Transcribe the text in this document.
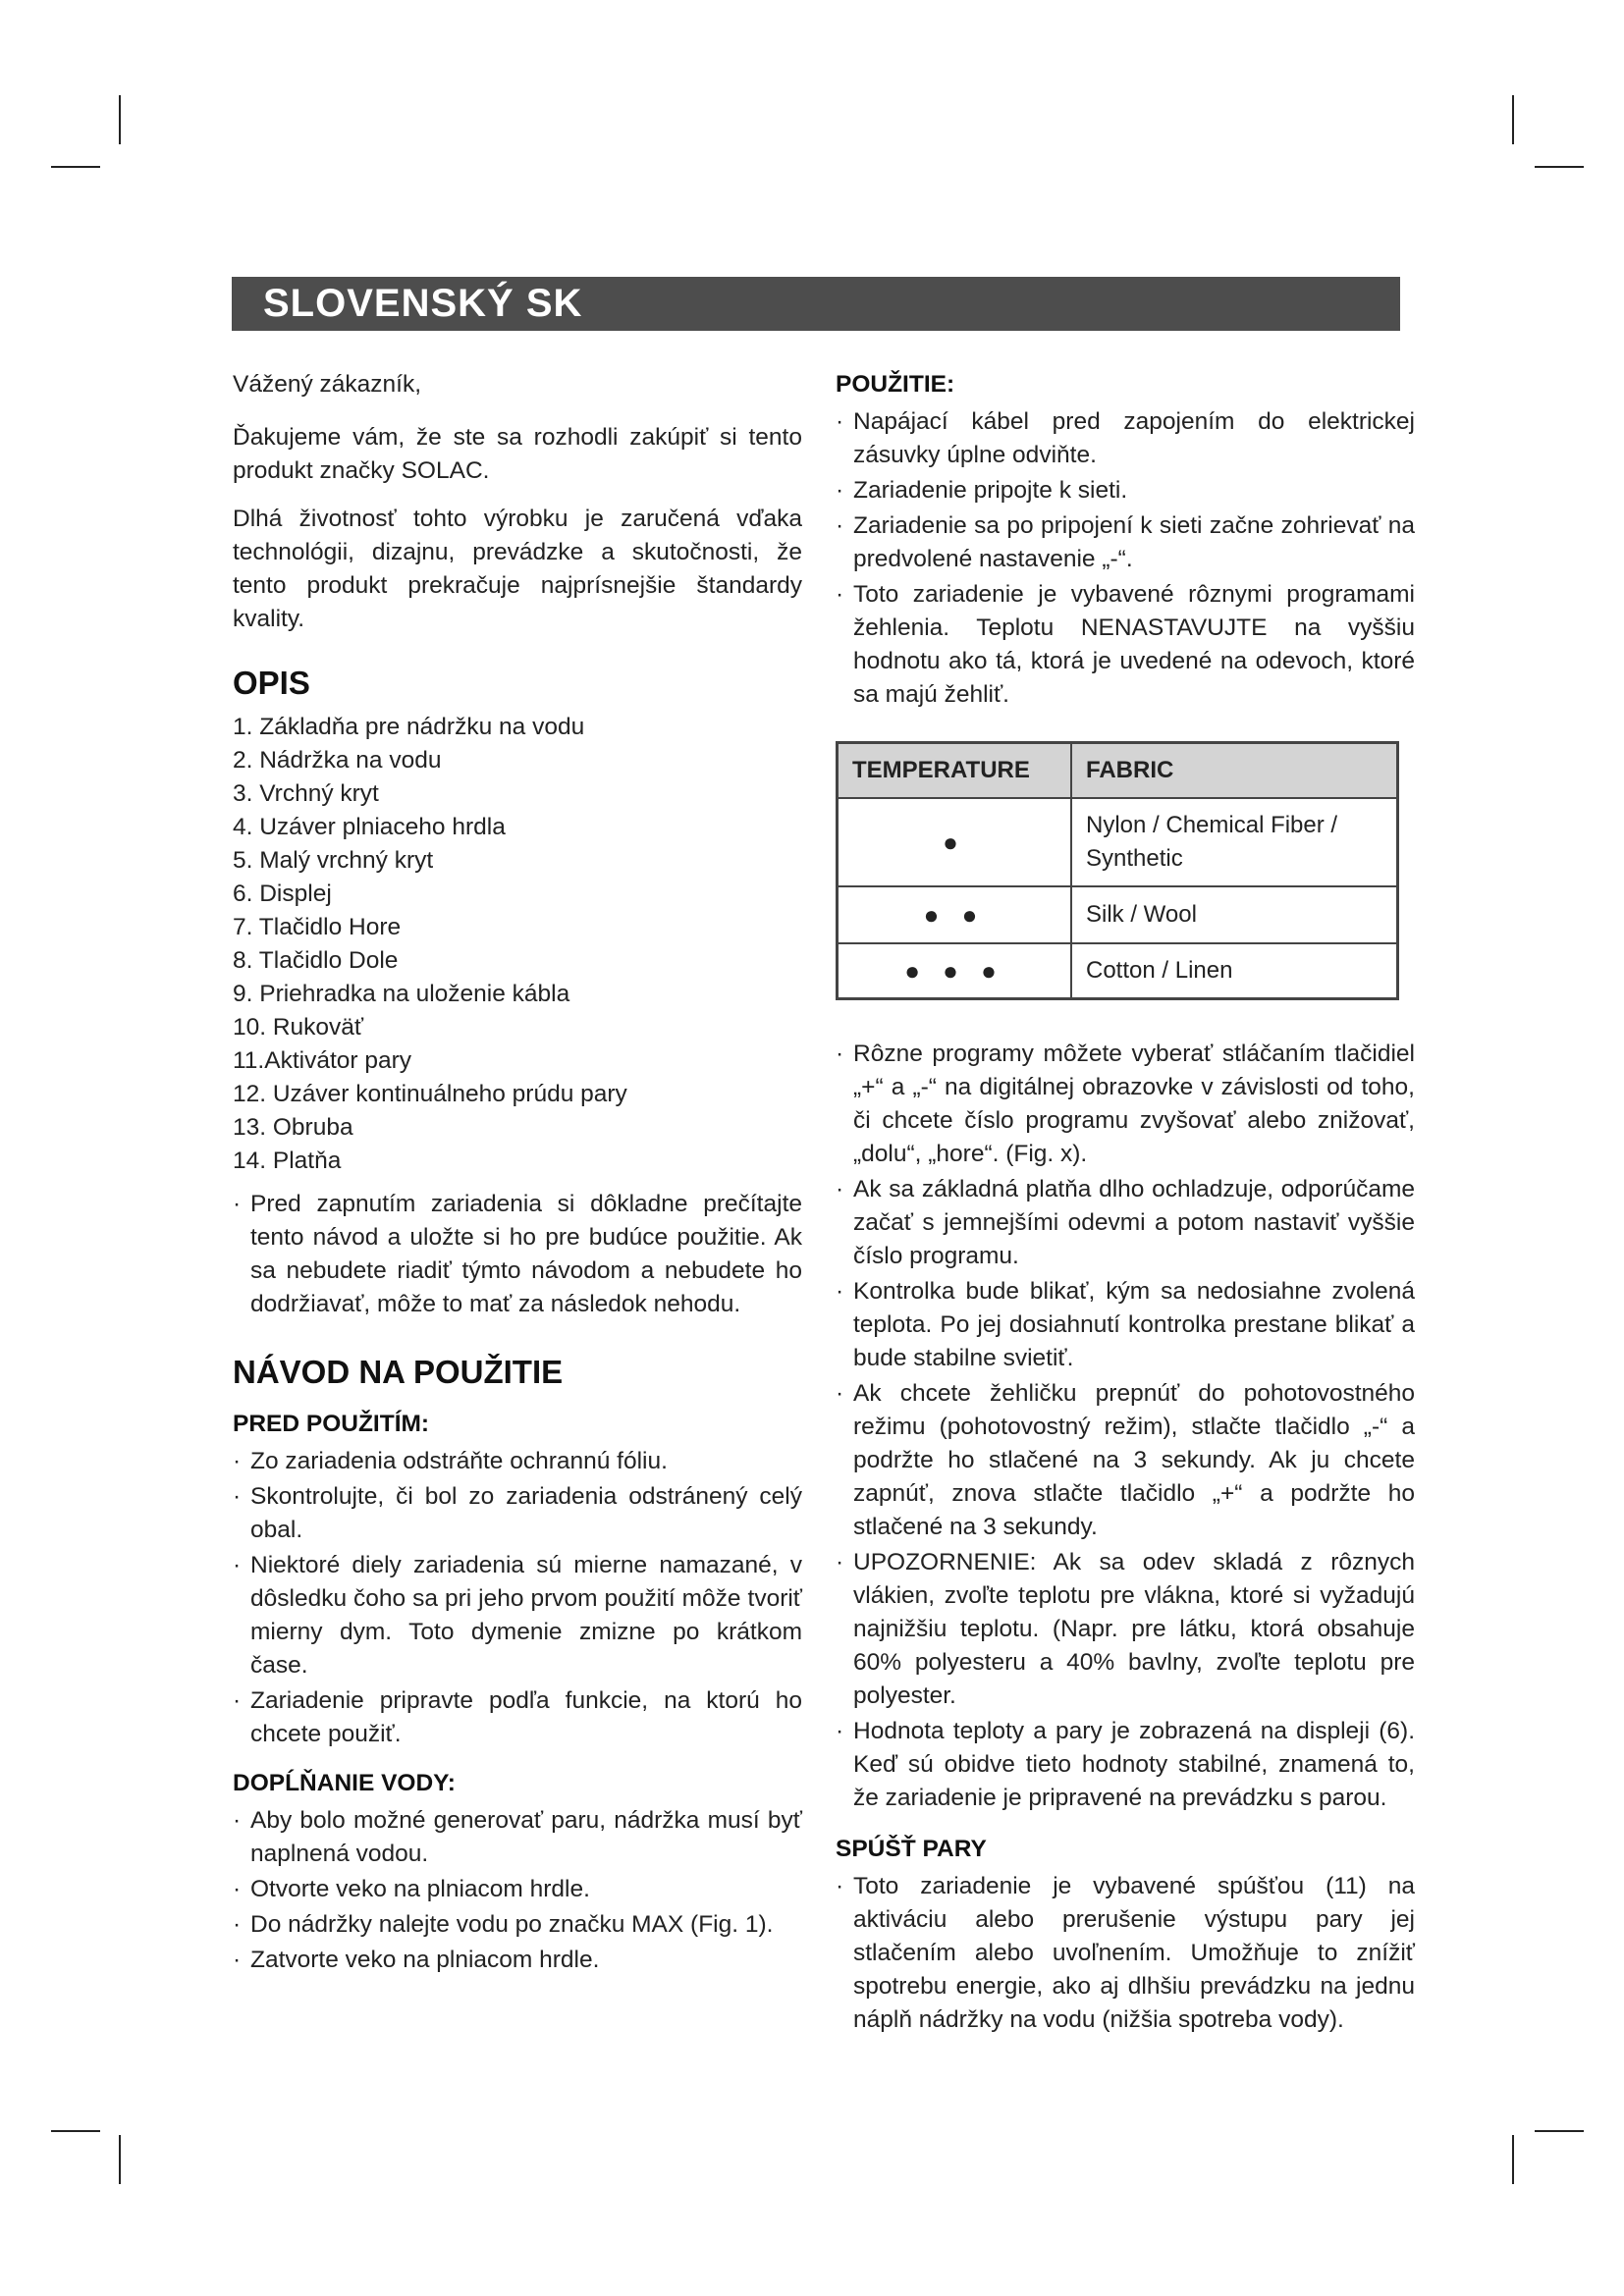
SLOVENSKÝ SK

Vážený zákazník,

Ďakujeme vám, že ste sa rozhodli zakúpiť si tento produkt značky SOLAC.

Dlhá životnosť tohto výrobku je zaručená vďaka technológii, dizajnu, prevádzke a skutočnosti, že tento produkt prekračuje najprísnejšie štandardy kvality.

OPIS
1. Základňa pre nádržku na vodu
2. Nádržka na vodu
3. Vrchný kryt
4. Uzáver plniaceho hrdla
5. Malý vrchný kryt
6. Displej
7. Tlačidlo Hore
8. Tlačidlo Dole
9. Priehradka na uloženie kábla
10. Rukoväť
11.Aktivátor pary
12. Uzáver kontinuálneho prúdu pary
13. Obruba
14. Platňa
· Pred zapnutím zariadenia si dôkladne prečítajte tento návod a uložte si ho pre budúce použitie. Ak sa nebudete riadiť týmto návodom a nebudete ho dodržiavať, môže to mať za následok nehodu.
NÁVOD NA POUŽITIE
PRED POUŽITÍM:
· Zo zariadenia odstráňte ochrannú fóliu.
· Skontrolujte, či bol zo zariadenia odstránený celý obal.
· Niektoré diely zariadenia sú mierne namazané, v dôsledku čoho sa pri jeho prvom použití môže tvoriť mierny dym. Toto dymenie zmizne po krátkom čase.
· Zariadenie pripravte podľa funkcie, na ktorú ho chcete použiť.
DOPĹŇANIE VODY:
· Aby bolo možné generovať paru, nádržka musí byť naplnená vodou.
· Otvorte veko na plniacom hrdle.
· Do nádržky nalejte vodu po značku MAX (Fig. 1).
· Zatvorte veko na plniacom hrdle.
POUŽITIE:
· Napájací kábel pred zapojením do elektrickej zásuvky úplne odviňte.
· Zariadenie pripojte k sieti.
· Zariadenie sa po pripojení k sieti začne zohrievať na predvolené nastavenie „-“.
· Toto zariadenie je vybavené rôznymi programami žehlenia. Teplotu NENASTAVUJTE na vyššiu hodnotu ako tá, ktorá je uvedené na odevoch, ktoré sa majú žehliť.
TEMPERATURE	FABRIC
●	Nylon / Chemical Fiber / Synthetic
● ●	Silk / Wool
● ● ●	Cotton / Linen
· Rôzne programy môžete vyberať stláčaním tlačidiel „+“ a „-“ na digitálnej obrazovke v závislosti od toho, či chcete číslo programu zvyšovať alebo znižovať, „dolu“, „hore“. (Fig. x).
· Ak sa základná platňa dlho ochladzuje, odporúčame začať s jemnejšími odevmi a potom nastaviť vyššie číslo programu.
· Kontrolka bude blikať, kým sa nedosiahne zvolená teplota. Po jej dosiahnutí kontrolka prestane blikať a bude stabilne svietiť.
· Ak chcete žehličku prepnúť do pohotovostného režimu (pohotovostný režim), stlačte tlačidlo „-“ a podržte ho stlačené na 3 sekundy. Ak ju chcete zapnúť, znova stlačte tlačidlo „+“ a podržte ho stlačené na 3 sekundy.
· UPOZORNENIE: Ak sa odev skladá z rôznych vlákien, zvoľte teplotu pre vlákna, ktoré si vyžadujú najnižšiu teplotu. (Napr. pre látku, ktorá obsahuje 60% polyesteru a 40% bavlny, zvoľte teplotu pre polyester.
· Hodnota teploty a pary je zobrazená na displeji (6). Keď sú obidve tieto hodnoty stabilné, znamená to, že zariadenie je pripravené na prevádzku s parou.
SPÚŠŤ PARY
· Toto zariadenie je vybavené spúšťou (11) na aktiváciu alebo prerušenie výstupu pary jej stlačením alebo uvoľnením. Umožňuje to znížiť spotrebu energie, ako aj dlhšiu prevádzku na jednu náplň nádržky na vodu (nižšia spotreba vody).
